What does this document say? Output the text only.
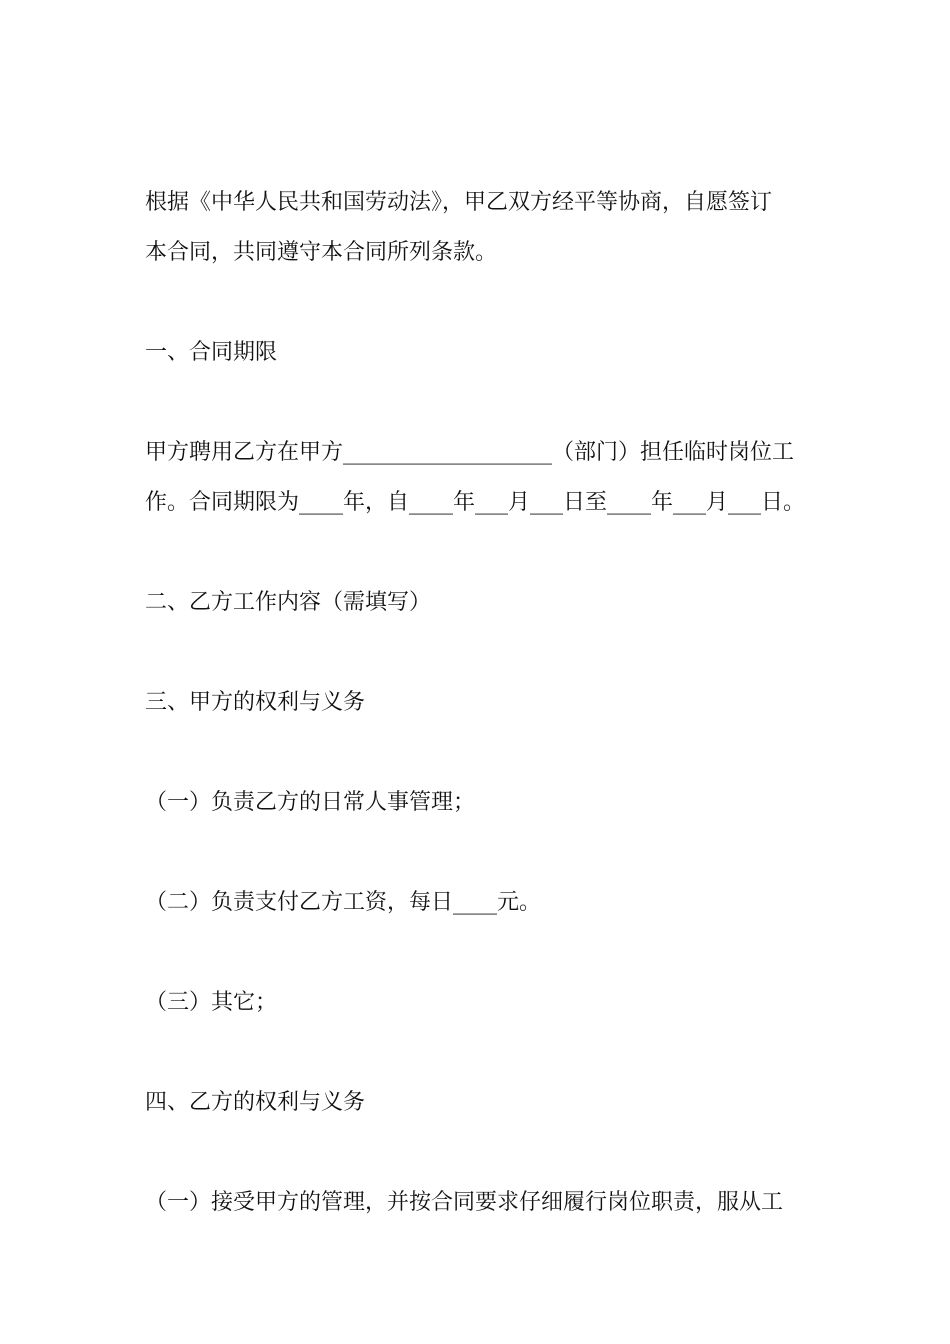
根据《中华人民共和国劳动法》，甲乙双方经平等协商，自愿签订
本合同，共同遵守本合同所列条款。
一、合同期限
甲方聘用乙方在甲方___________________（部门）担任临时岗位工
作。合同期限为____年，自____年___月___日至____年___月___日。
二、乙方工作内容（需填写）
三、甲方的权利与义务
（一）负责乙方的日常人事管理；
（二）负责支付乙方工资，每日____元。
（三）其它；
四、乙方的权利与义务
（一）接受甲方的管理，并按合同要求仔细履行岗位职责，服从工
